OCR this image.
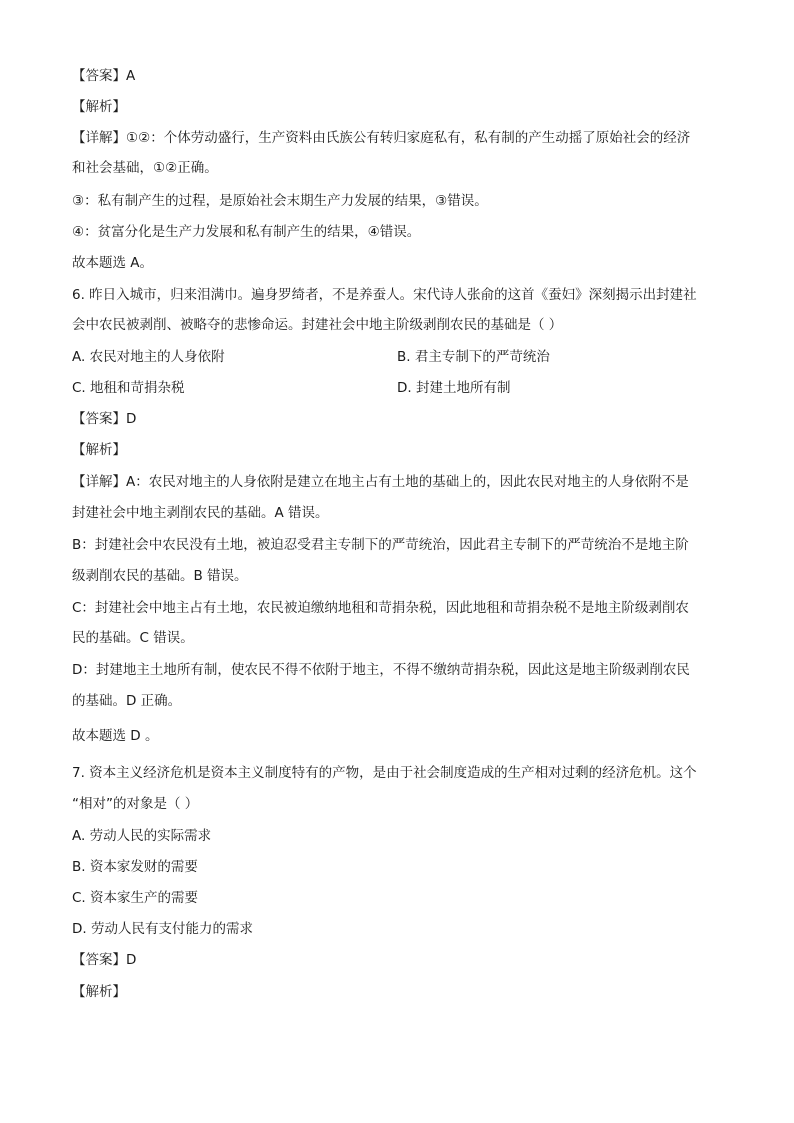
【答案】A
【解析】
【详解】①②：个体劳动盛行，生产资料由氏族公有转归家庭私有，私有制的产生动摇了原始社会的经济
和社会基础，①②正确。
③：私有制产生的过程，是原始社会末期生产力发展的结果，③错误。
④：贫富分化是生产力发展和私有制产生的结果，④错误。
故本题选 A。
6. 昨日入城市，归来泪满巾。遍身罗绮者，不是养蚕人。宋代诗人张俞的这首《蚕妇》深刻揭示出封建社
会中农民被剥削、被略夺的悲惨命运。封建社会中地主阶级剥削农民的基础是（ ）
A. 农民对地主的人身依附	B. 君主专制下的严苛统治
C. 地租和苛捐杂税	D. 封建土地所有制
【答案】D
【解析】
【详解】A：农民对地主的人身依附是建立在地主占有土地的基础上的，因此农民对地主的人身依附不是
封建社会中地主剥削农民的基础。A 错误。
B：封建社会中农民没有土地，被迫忍受君主专制下的严苛统治，因此君主专制下的严苛统治不是地主阶
级剥削农民的基础。B 错误。
C：封建社会中地主占有土地，农民被迫缴纳地租和苛捐杂税，因此地租和苛捐杂税不是地主阶级剥削农
民的基础。C 错误。
D：封建地主土地所有制，使农民不得不依附于地主，不得不缴纳苛捐杂税，因此这是地主阶级剥削农民
的基础。D 正确。
故本题选 D 。
7. 资本主义经济危机是资本主义制度特有的产物，是由于社会制度造成的生产相对过剩的经济危机。这个
“相对”的对象是（ ）
A. 劳动人民的实际需求
B. 资本家发财的需要
C. 资本家生产的需要
D. 劳动人民有支付能力的需求
【答案】D
【解析】
